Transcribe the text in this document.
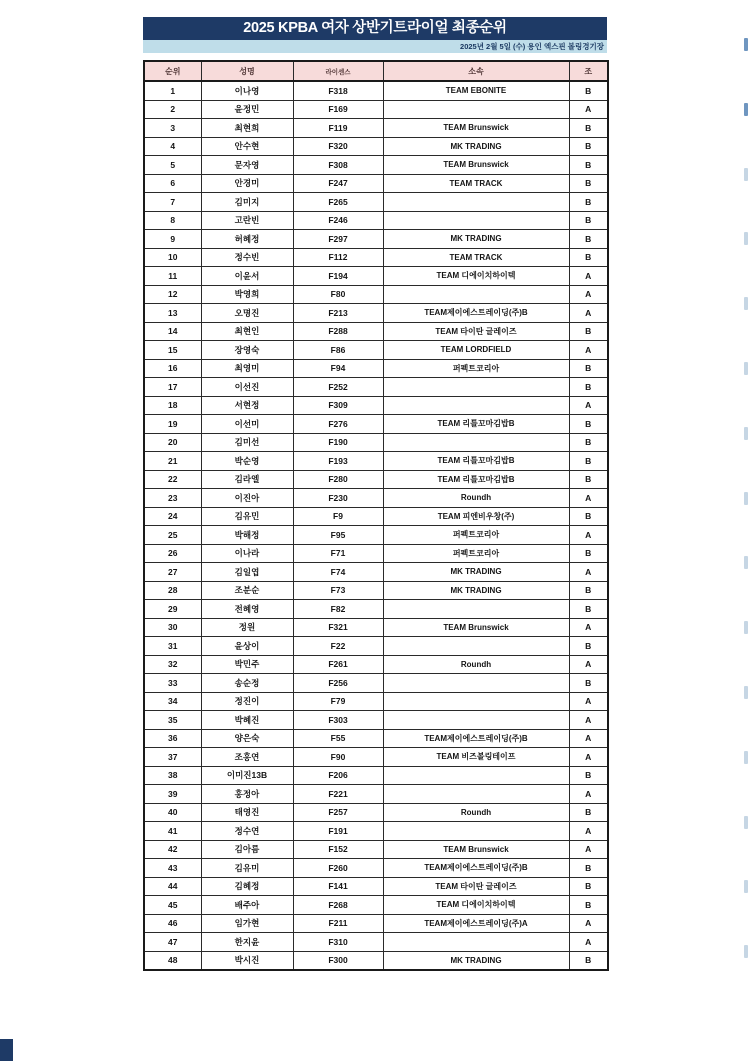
2025 KPBA 여자 상반기트라이얼 최종순위
2025년 2월 5일 (수) 용인 엑스핀 볼링경기장
순위	성명	라이센스	소속	조
1	이나영	F318	TEAM EBONITE	B
2	윤정민	F169		A
3	최현희	F119	TEAM Brunswick	B
4	안수현	F320	MK TRADING	B
5	문자영	F308	TEAM Brunswick	B
6	안경미	F247	TEAM TRACK	B
7	김미지	F265		B
8	고란빈	F246		B
9	허혜정	F297	MK TRADING	B
10	정수빈	F112	TEAM TRACK	B
11	이윤서	F194	TEAM 디에이치하이텍	A
12	박영희	F80		A
13	오명진	F213	TEAM제이에스트레이딩(주)B	A
14	최현인	F288	TEAM 타이탄 글레이즈	B
15	장영숙	F86	TEAM LORDFIELD	A
16	최영미	F94	퍼펙트코리아	B
17	이선진	F252		B
18	서현정	F309		A
19	이선미	F276	TEAM 리틀꼬마김밥B	B
20	김미선	F190		B
21	박순영	F193	TEAM 리틀꼬마김밥B	B
22	김라엘	F280	TEAM 리틀꼬마김밥B	B
23	이진아	F230	Roundh	A
24	김유민	F9	TEAM 피엔비우창(주)	B
25	박해정	F95	퍼펙트코리아	A
26	이나라	F71	퍼펙트코리아	B
27	김일엽	F74	MK TRADING	A
28	조분순	F73	MK TRADING	B
29	전혜영	F82		B
30	정원	F321	TEAM Brunswick	A
31	윤상이	F22		B
32	박민주	F261	Roundh	A
33	송순정	F256		B
34	정진이	F79		A
35	박혜진	F303		A
36	양은숙	F55	TEAM제이에스트레이딩(주)B	A
37	조홍연	F90	TEAM 비즈볼링테이프	A
38	이미진13B	F206		B
39	홍정아	F221		A
40	태영진	F257	Roundh	B
41	정수연	F191		A
42	김아름	F152	TEAM Brunswick	A
43	김유미	F260	TEAM제이에스트레이딩(주)B	B
44	김혜정	F141	TEAM 타이탄 글레이즈	B
45	배주아	F268	TEAM 디에이치하이텍	B
46	임가현	F211	TEAM제이에스트레이딩(주)A	A
47	한지윤	F310		A
48	박시진	F300	MK TRADING	B
